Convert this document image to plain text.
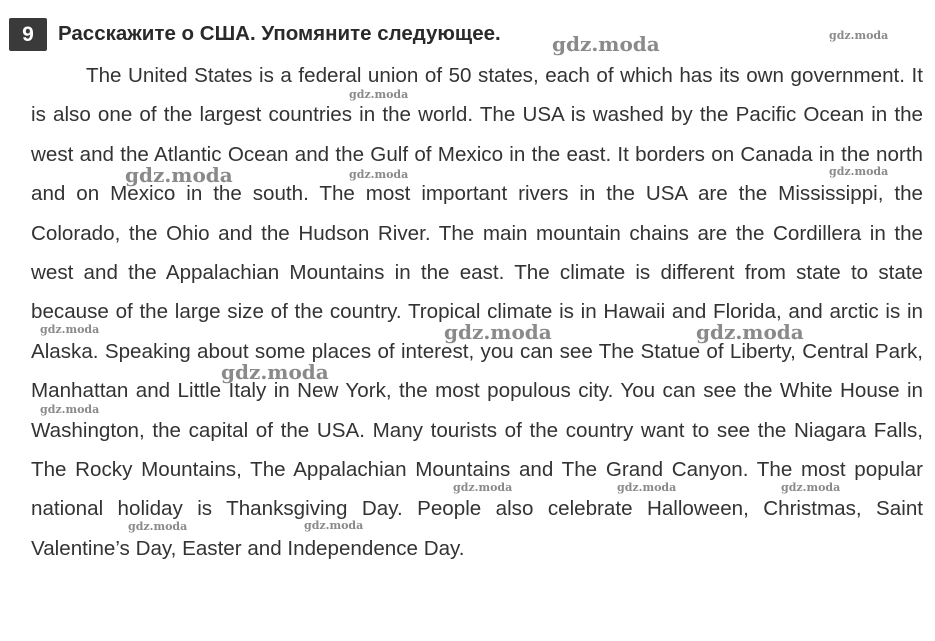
9	Расскажите о США. Упомяните следующее.

The United States is a federal union of 50 states, each of which has its own government. It is also one of the largest countries in the world. The USA is washed by the Pacific Ocean in the west and the Atlantic Ocean and the Gulf of Mexico in the east. It borders on Canada in the north and on Mexico in the south. The most important rivers in the USA are the Mississippi, the Colorado, the Ohio and the Hudson River. The main mountain chains are the Cordillera in the west and the Appalachian Mountains in the east. The climate is different from state to state because of the large size of the country. Tropical climate is in Hawaii and Florida, and arctic is in Alaska. Speaking about some places of interest, you can see The Statue of Liberty, Central Park, Manhattan and Little Italy in New York, the most populous city. You can see the White House in Washington, the capital of the USA. Many tourists of the country want to see the Niagara Falls, The Rocky Mountains, The Appalachian Mountains and The Grand Canyon. The most popular national holiday is Thanksgiving Day. People also celebrate Halloween, Christmas, Saint Valentine’s Day, Easter and Independence Day.

gdz.moda	gdz.moda
gdz.moda
gdz.moda	gdz.moda	gdz.moda
gdz.moda	gdz.moda	gdz.moda
gdz.moda
gdz.moda
gdz.moda	gdz.moda	gdz.moda
gdz.moda	gdz.moda
